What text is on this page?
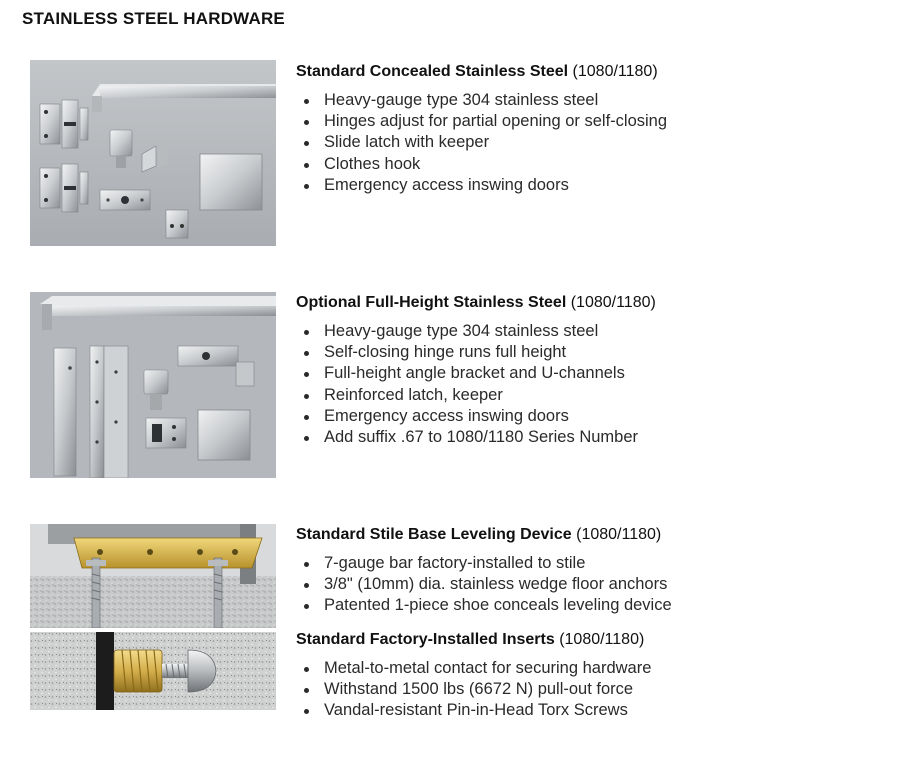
STAINLESS STEEL HARDWARE
Standard Concealed Stainless Steel (1080/1180)
Heavy-gauge type 304 stainless steel
Hinges adjust for partial opening or self-closing
Slide latch with keeper
Clothes hook
Emergency access inswing doors
Optional Full-Height Stainless Steel (1080/1180)
Heavy-gauge type 304 stainless steel
Self-closing hinge runs full height
Full-height angle bracket and U-channels
Reinforced latch, keeper
Emergency access inswing doors
Add suffix .67 to 1080/1180 Series Number
Standard Stile Base Leveling Device (1080/1180)
7-gauge bar factory-installed to stile
3/8" (10mm) dia. stainless wedge floor anchors
Patented 1-piece shoe conceals leveling device
Standard Factory-Installed Inserts (1080/1180)
Metal-to-metal contact for securing hardware
Withstand 1500 lbs (6672 N) pull-out force
Vandal-resistant Pin-in-Head Torx Screws
